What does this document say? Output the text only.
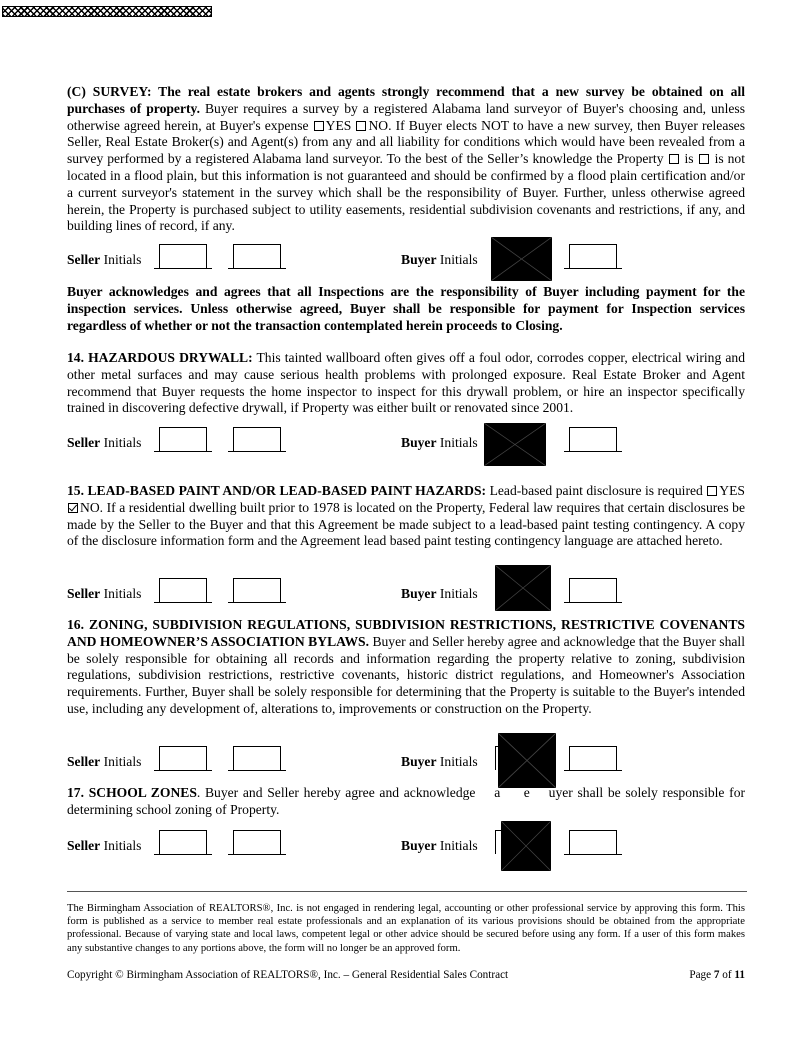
(C) SURVEY: The real estate brokers and agents strongly recommend that a new survey be obtained on all purchases of property. Buyer requires a survey by a registered Alabama land surveyor of Buyer's choosing and, unless otherwise agreed herein, at Buyer's expense YES NO. If Buyer elects NOT to have a new survey, then Buyer releases Seller, Real Estate Broker(s) and Agent(s) from any and all liability for conditions which would have been revealed from a survey performed by a registered Alabama land surveyor. To the best of the Seller’s knowledge the Property is is not located in a flood plain, but this information is not guaranteed and should be confirmed by a flood plain certification and/or a current surveyor's statement in the survey which shall be the responsibility of Buyer. Further, unless otherwise agreed herein, the Property is purchased subject to utility easements, residential subdivision covenants and restrictions, if any, and building lines of record, if any.

Seller Initials	Buyer Initials

Buyer acknowledges and agrees that all Inspections are the responsibility of Buyer including payment for the inspection services. Unless otherwise agreed, Buyer shall be responsible for payment for Inspection services regardless of whether or not the transaction contemplated herein proceeds to Closing.

14. HAZARDOUS DRYWALL: This tainted wallboard often gives off a foul odor, corrodes copper, electrical wiring and other metal surfaces and may cause serious health problems with prolonged exposure. Real Estate Broker and Agent recommend that Buyer requests the home inspector to inspect for this drywall problem, or hire an inspector specifically trained in discovering defective drywall, if Property was either built or renovated since 2001.

Seller Initials	Buyer Initials

15. LEAD-BASED PAINT AND/OR LEAD-BASED PAINT HAZARDS: Lead-based paint disclosure is required YES NO. If a residential dwelling built prior to 1978 is located on the Property, Federal law requires that certain disclosures be made by the Seller to the Buyer and that this Agreement be made subject to a lead-based paint testing contingency. A copy of the disclosure information form and the Agreement lead based paint testing contingency language are attached hereto.

Seller Initials	Buyer Initials

16. ZONING, SUBDIVISION REGULATIONS, SUBDIVISION RESTRICTIONS, RESTRICTIVE COVENANTS AND HOMEOWNER’S ASSOCIATION BYLAWS. Buyer and Seller hereby agree and acknowledge that the Buyer shall be solely responsible for obtaining all records and information regarding the property relative to zoning, subdivision regulations, subdivision restrictions, restrictive covenants, historic district regulations, and Homeowner's Association requirements. Further, Buyer shall be solely responsible for determining that the Property is suitable to the Buyer's intended use, including any development of, alterations to, improvements or construction on the Property.

Seller Initials	Buyer Initials

17. SCHOOL ZONES. Buyer and Seller hereby agree and acknowledge a e uyer shall be solely responsible for determining school zoning of Property.

Seller Initials	Buyer Initials

The Birmingham Association of REALTORS®, Inc. is not engaged in rendering legal, accounting or other professional service by approving this form. This form is published as a service to member real estate professionals and an explanation of its various provisions should be obtained from the appropriate professional. Because of varying state and local laws, competent legal or other advice should be secured before using any form. If a user of this form makes any substantive changes to any portions above, the form will no longer be an approved form.

Copyright © Birmingham Association of REALTORS®, Inc. – General Residential Sales Contract	Page 7 of 11
